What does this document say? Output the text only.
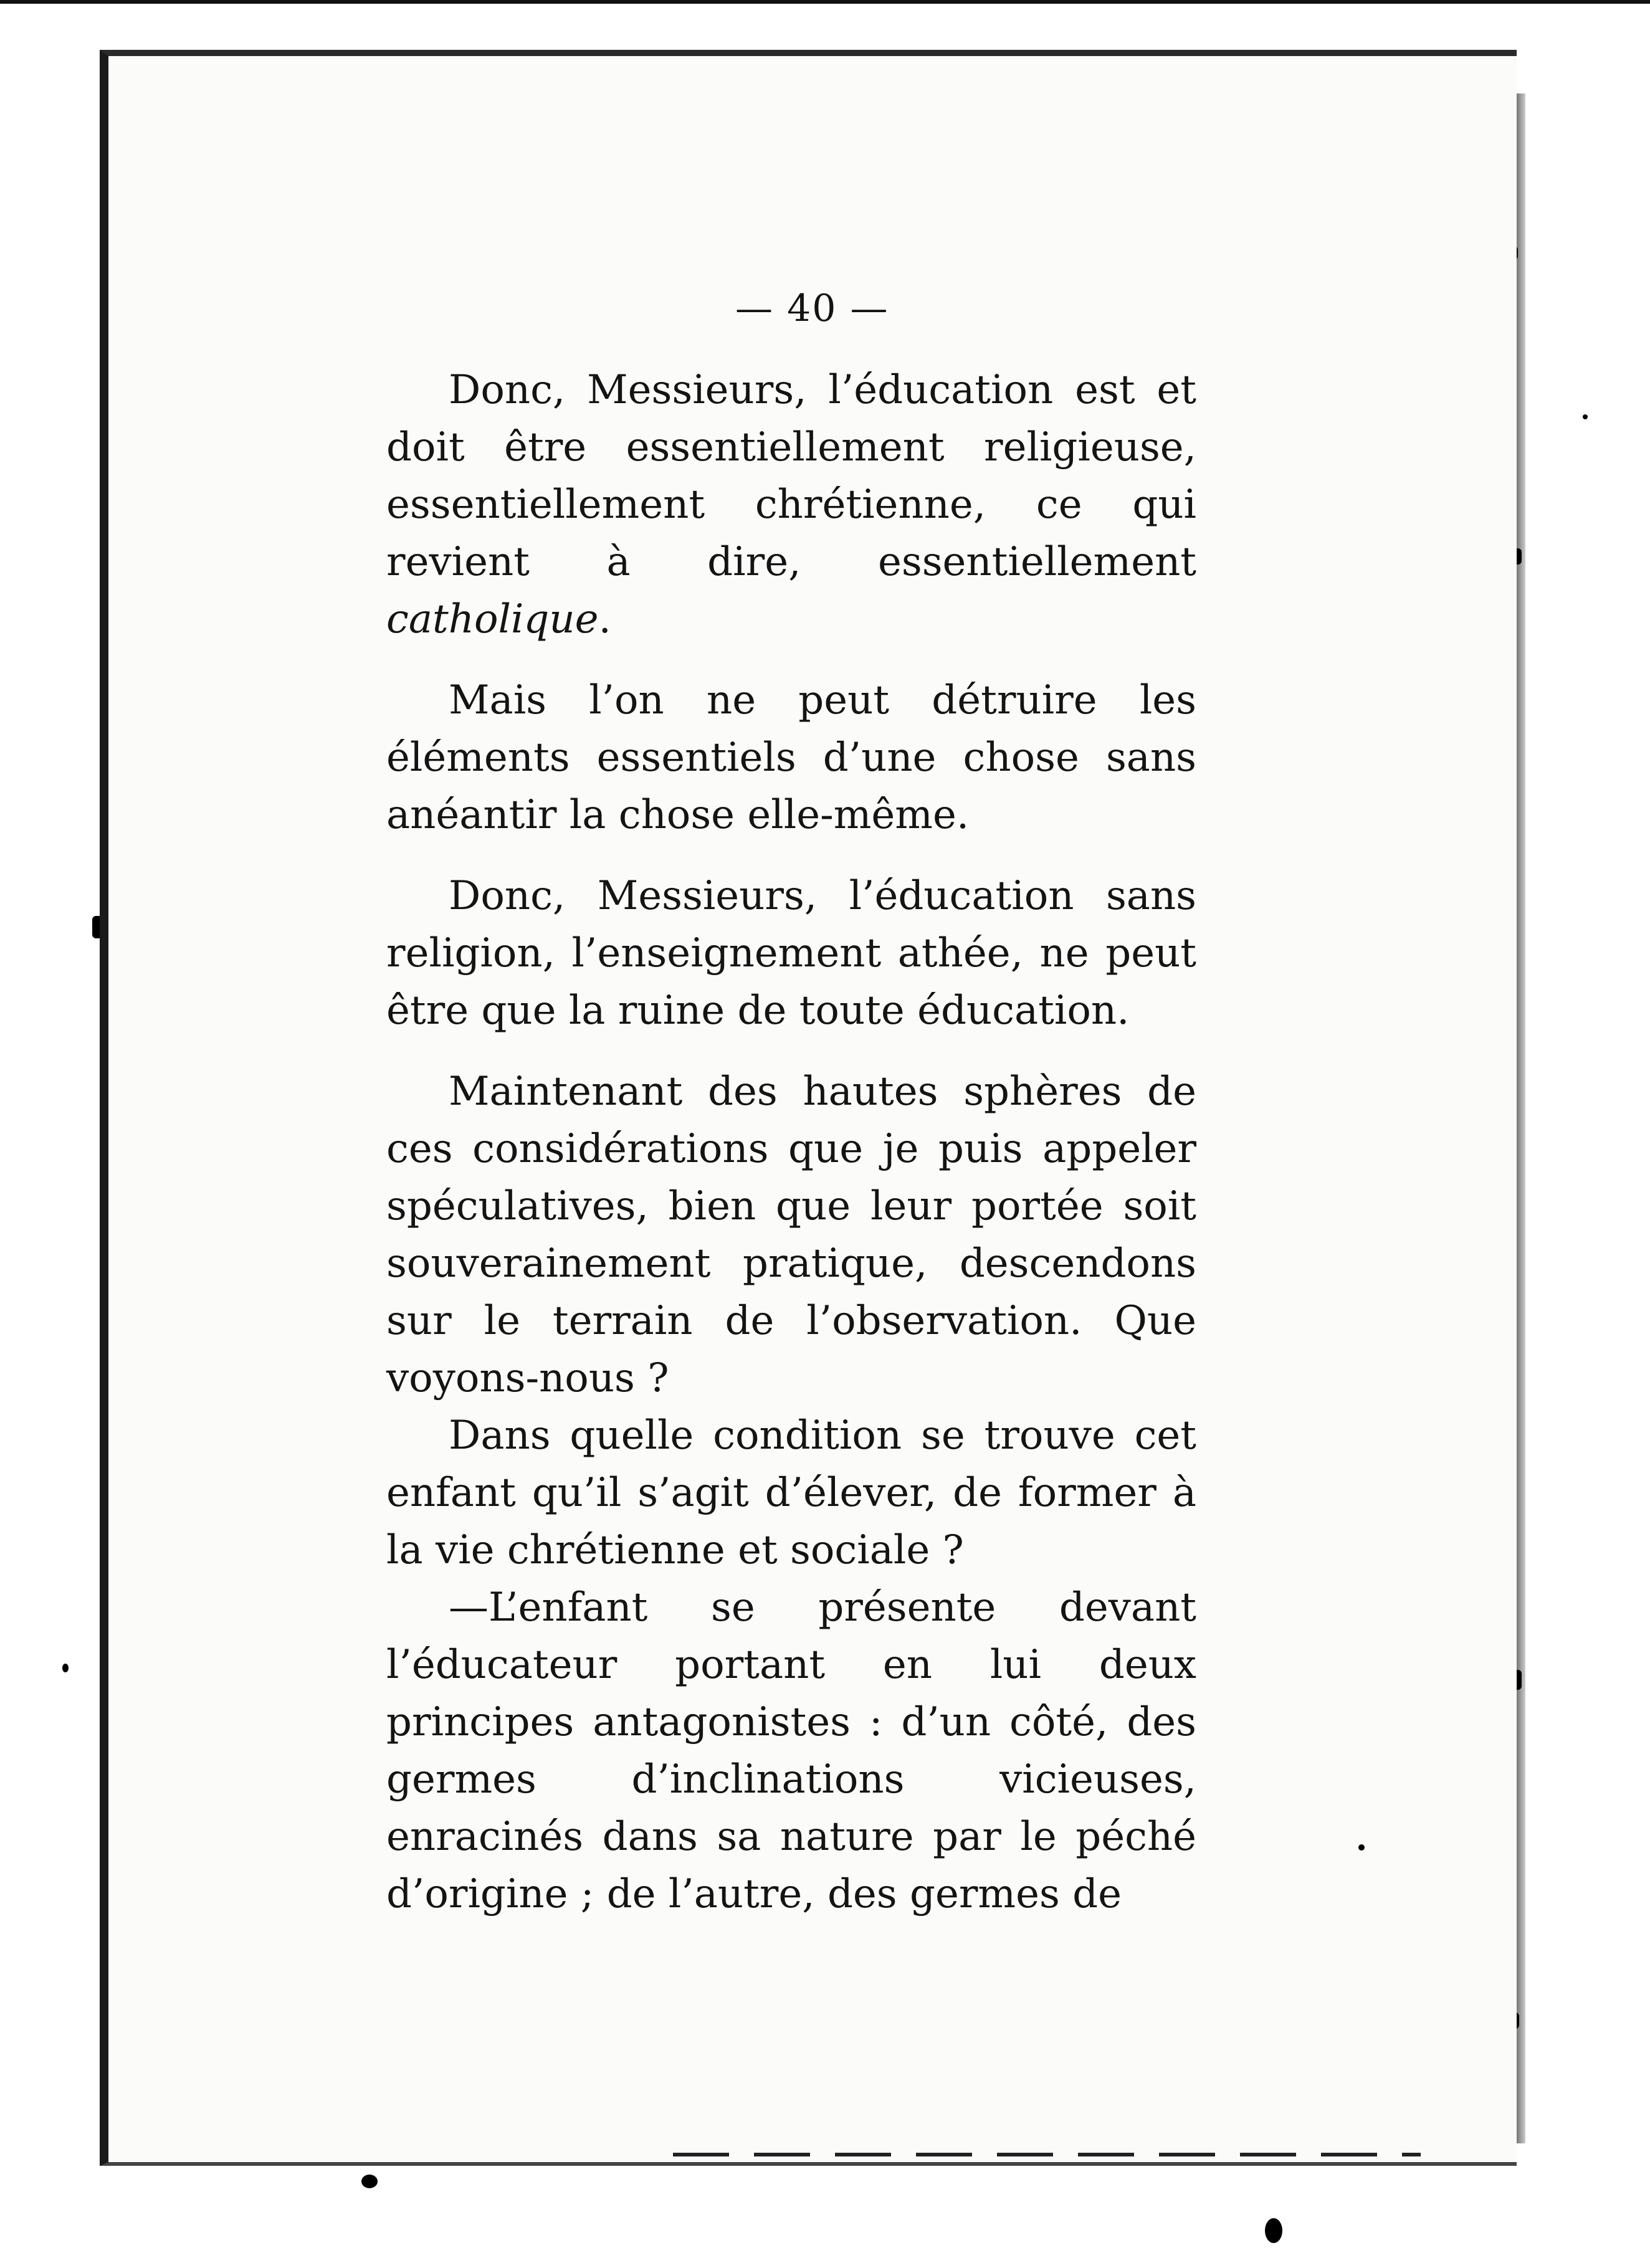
— 40 —

Donc, Messieurs, l’éducation est et doit être essentiellement religieuse, essentiellement chrétienne, ce qui revient à dire, essentiellement catholique.

Mais l’on ne peut détruire les éléments essentiels d’une chose sans anéantir la chose elle-même.

Donc, Messieurs, l’éducation sans religion, l’enseignement athée, ne peut être que la ruine de toute éducation.

Maintenant des hautes sphères de ces considérations que je puis appeler spéculatives, bien que leur portée soit souverainement pratique, descendons sur le terrain de l’observation. Que voyons-nous ?

Dans quelle condition se trouve cet enfant qu’il s’agit d’élever, de former à la vie chrétienne et sociale ?

—L’enfant se présente devant l’éducateur portant en lui deux principes antagonistes : d’un côté, des germes d’inclinations vicieuses, enracinés dans sa nature par le péché d’origine ; de l’autre, des germes de
